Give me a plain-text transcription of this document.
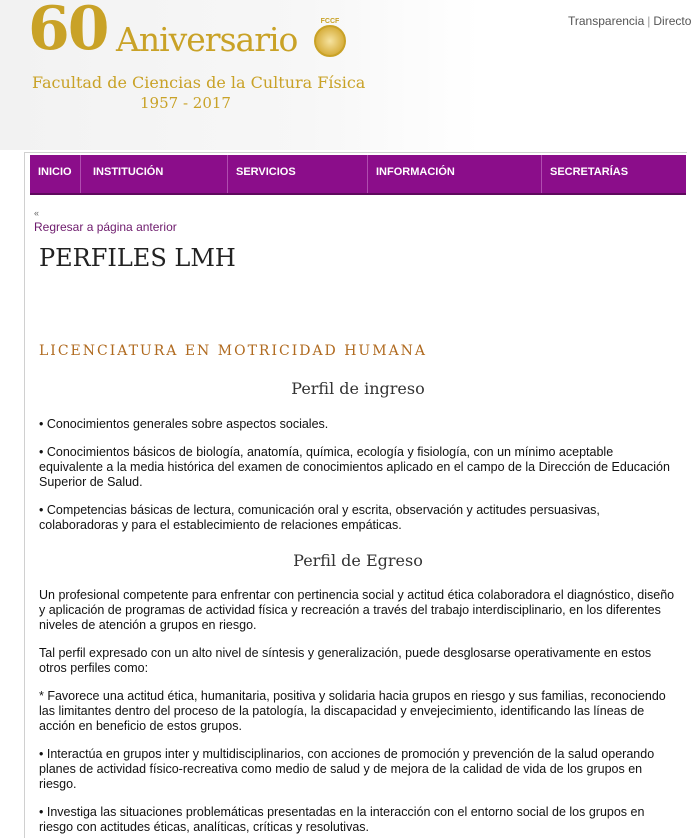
60 Aniversario	FCCF
Facultad de Ciencias de la Cultura Física
1957 - 2017
Transparencia | Directo
INICIO	INSTITUCIÓN	SERVICIOS	INFORMACIÓN	SECRETARÍAS
«
Regresar a página anterior
PERFILES LMH
LICENCIATURA EN MOTRICIDAD HUMANA
Perfil de ingreso

• Conocimientos generales sobre aspectos sociales.

• Conocimientos básicos de biología, anatomía, química, ecología y fisiología, con un mínimo aceptable equivalente a la media histórica del examen de conocimientos aplicado en el campo de la Dirección de Educación Superior de Salud.

• Competencias básicas de lectura, comunicación oral y escrita, observación y actitudes persuasivas, colaboradoras y para el establecimiento de relaciones empáticas.

Perfil de Egreso

Un profesional competente para enfrentar con pertinencia social y actitud ética colaboradora el diagnóstico, diseño y aplicación de programas de actividad física y recreación a través del trabajo interdisciplinario, en los diferentes niveles de atención a grupos en riesgo.

Tal perfil expresado con un alto nivel de síntesis y generalización, puede desglosarse operativamente en estos otros perfiles como:

* Favorece una actitud ética, humanitaria, positiva y solidaria hacia grupos en riesgo y sus familias, reconociendo las limitantes dentro del proceso de la patología, la discapacidad y envejecimiento, identificando las líneas de acción en beneficio de estos grupos.

• Interactúa en grupos inter y multidisciplinarios, con acciones de promoción y prevención de la salud operando planes de actividad físico-recreativa como medio de salud y de mejora de la calidad de vida de los grupos en riesgo.

• Investiga las situaciones problemáticas presentadas en la interacción con el entorno social de los grupos en riesgo con actitudes éticas, analíticas, críticas y resolutivas.
